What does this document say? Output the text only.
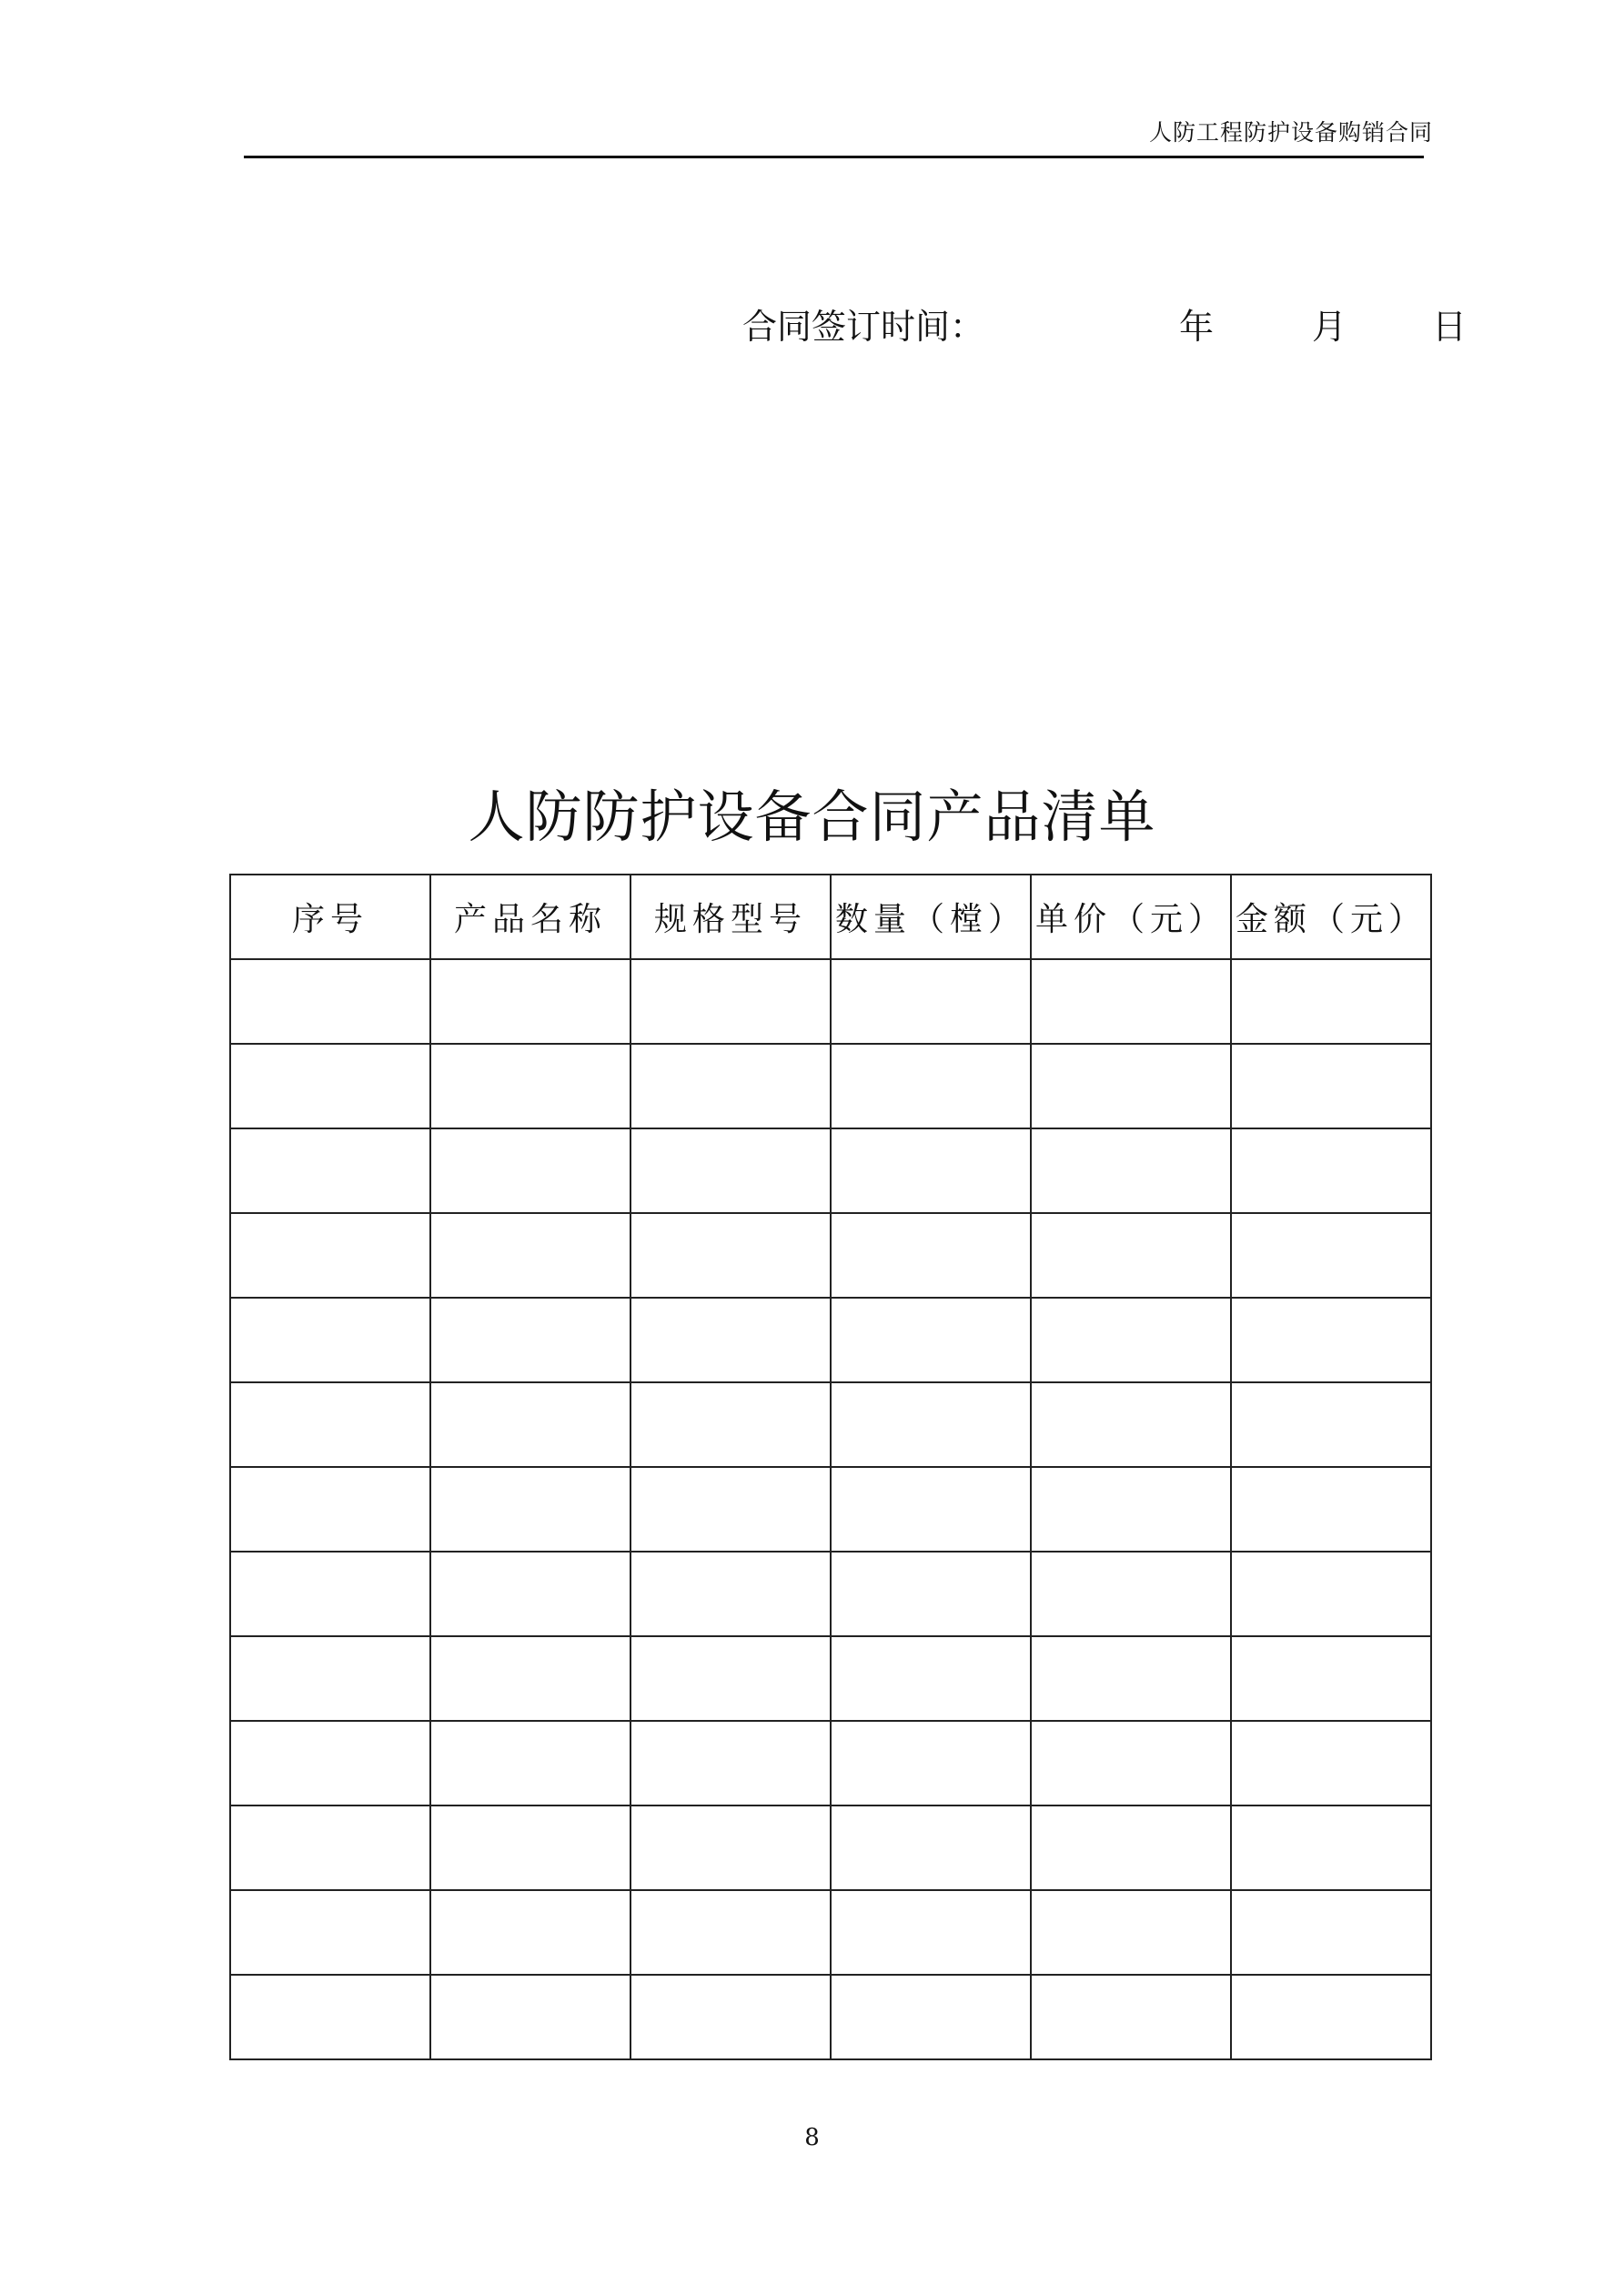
人防工程防护设备购销合同
合同签订时间：	年	月 日
人防防护设备合同产品清单
序号	产品名称	规格型号	数量（樘）	单价（元）	金额（元）

8
